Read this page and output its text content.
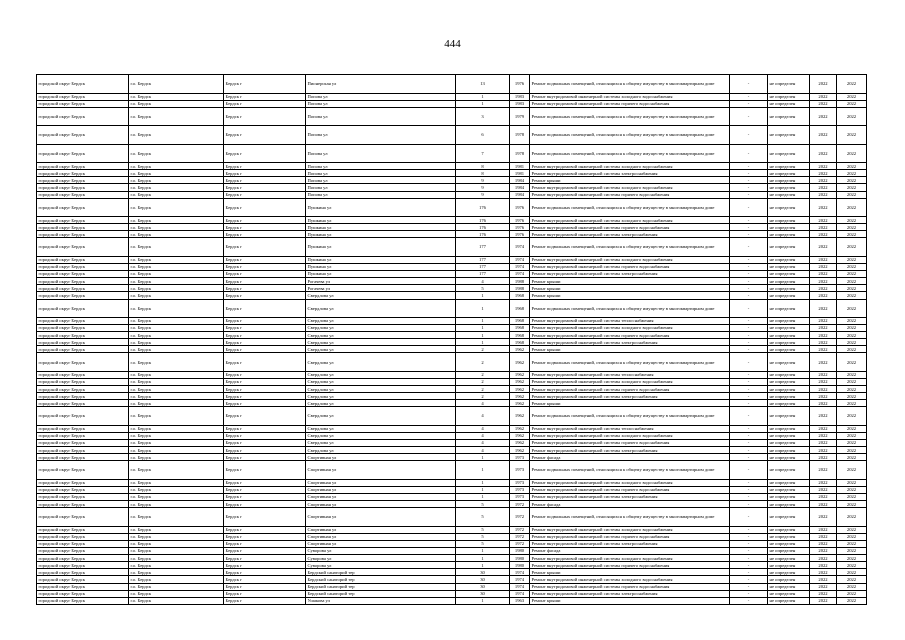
444
городской округ Бердск	г.о. Бердск	Бердск г	Пионерская ул	13	1976	Ремонт подвальных помещений, относящихся к общему имуществу в многоквартирном доме	-	не определен	2022	2022
городской округ Бердск	г.о. Бердск	Бердск г	Попова ул	1	1983	Ремонт внутридомовой инженерной системы холодного водоснабжения	-	не определен	2022	2022
городской округ Бердск	г.о. Бердск	Бердск г	Попова ул	1	1983	Ремонт внутридомовой инженерной системы горячего водоснабжения	-	не определен	2022	2022
городской округ Бердск	г.о. Бердск	Бердск г	Попова ул	3	1979	Ремонт подвальных помещений, относящихся к общему имуществу в многоквартирном доме	-	не определен	2022	2022
городской округ Бердск	г.о. Бердск	Бердск г	Попова ул	6	1978	Ремонт подвальных помещений, относящихся к общему имуществу в многоквартирном доме	-	не определен	2022	2022
городской округ Бердск	г.о. Бердск	Бердск г	Попова ул	7	1978	Ремонт подвальных помещений, относящихся к общему имуществу в многоквартирном доме	-	не определен	2022	2022
городской округ Бердск	г.о. Бердск	Бердск г	Попова ул	8	1981	Ремонт внутридомовой инженерной системы холодного водоснабжения	-	не определен	2022	2022
городской округ Бердск	г.о. Бердск	Бердск г	Попова ул	8	1981	Ремонт внутридомовой инженерной системы электроснабжения	-	не определен	2022	2022
городской округ Бердск	г.о. Бердск	Бердск г	Попова ул	9	1984	Ремонт крыши	-	не определен	2022	2022
городской округ Бердск	г.о. Бердск	Бердск г	Попова ул	9	1984	Ремонт внутридомовой инженерной системы холодного водоснабжения	-	не определен	2022	2022
городской округ Бердск	г.о. Бердск	Бердск г	Попова ул	9	1984	Ремонт внутридомовой инженерной системы горячего водоснабжения	-	не определен	2022	2022
городской округ Бердск	г.о. Бердск	Бердск г	Пушкина ул	176	1976	Ремонт подвальных помещений, относящихся к общему имуществу в многоквартирном доме	-	не определен	2022	2022
городской округ Бердск	г.о. Бердск	Бердск г	Пушкина ул	176	1976	Ремонт внутридомовой инженерной системы холодного водоснабжения	-	не определен	2022	2022
городской округ Бердск	г.о. Бердск	Бердск г	Пушкина ул	176	1976	Ремонт внутридомовой инженерной системы горячего водоснабжения	-	не определен	2022	2022
городской округ Бердск	г.о. Бердск	Бердск г	Пушкина ул	176	1976	Ремонт внутридомовой инженерной системы электроснабжения	-	не определен	2022	2022
городской округ Бердск	г.о. Бердск	Бердск г	Пушкина ул	177	1974	Ремонт подвальных помещений, относящихся к общему имуществу в многоквартирном доме	-	не определен	2022	2022
городской округ Бердск	г.о. Бердск	Бердск г	Пушкина ул	177	1974	Ремонт внутридомовой инженерной системы холодного водоснабжения	-	не определен	2022	2022
городской округ Бердск	г.о. Бердск	Бердск г	Пушкина ул	177	1974	Ремонт внутридомовой инженерной системы горячего водоснабжения	-	не определен	2022	2022
городской округ Бердск	г.о. Бердск	Бердск г	Пушкина ул	177	1974	Ремонт внутридомовой инженерной системы электроснабжения	-	не определен	2022	2022
городской округ Бердск	г.о. Бердск	Бердск г	Рогачева ул	4	1988	Ремонт крыши	-	не определен	2022	2022
городской округ Бердск	г.о. Бердск	Бердск г	Рогачева ул	5	1988	Ремонт крыши	-	не определен	2022	2022
городской округ Бердск	г.о. Бердск	Бердск г	Свердлова ул	1	1968	Ремонт крыши	-	не определен	2022	2022
городской округ Бердск	г.о. Бердск	Бердск г	Свердлова ул	1	1968	Ремонт подвальных помещений, относящихся к общему имуществу в многоквартирном доме	-	не определен	2022	2022
городской округ Бердск	г.о. Бердск	Бердск г	Свердлова ул	1	1968	Ремонт внутридомовой инженерной системы теплоснабжения	-	не определен	2022	2022
городской округ Бердск	г.о. Бердск	Бердск г	Свердлова ул	1	1968	Ремонт внутридомовой инженерной системы холодного водоснабжения	-	не определен	2022	2022
городской округ Бердск	г.о. Бердск	Бердск г	Свердлова ул	1	1968	Ремонт внутридомовой инженерной системы горячего водоснабжения	-	не определен	2022	2022
городской округ Бердск	г.о. Бердск	Бердск г	Свердлова ул	1	1968	Ремонт внутридомовой инженерной системы электроснабжения	-	не определен	2022	2022
городской округ Бердск	г.о. Бердск	Бердск г	Свердлова ул	2	1962	Ремонт крыши	-	не определен	2022	2022
городской округ Бердск	г.о. Бердск	Бердск г	Свердлова ул	2	1962	Ремонт подвальных помещений, относящихся к общему имуществу в многоквартирном доме	-	не определен	2022	2022
городской округ Бердск	г.о. Бердск	Бердск г	Свердлова ул	2	1962	Ремонт внутридомовой инженерной системы теплоснабжения	-	не определен	2022	2022
городской округ Бердск	г.о. Бердск	Бердск г	Свердлова ул	2	1962	Ремонт внутридомовой инженерной системы холодного водоснабжения	-	не определен	2022	2022
городской округ Бердск	г.о. Бердск	Бердск г	Свердлова ул	2	1962	Ремонт внутридомовой инженерной системы горячего водоснабжения	-	не определен	2022	2022
городской округ Бердск	г.о. Бердск	Бердск г	Свердлова ул	2	1962	Ремонт внутридомовой инженерной системы электроснабжения	-	не определен	2022	2022
городской округ Бердск	г.о. Бердск	Бердск г	Свердлова ул	4	1962	Ремонт крыши	-	не определен	2022	2022
городской округ Бердск	г.о. Бердск	Бердск г	Свердлова ул	4	1962	Ремонт подвальных помещений, относящихся к общему имуществу в многоквартирном доме	-	не определен	2022	2022
городской округ Бердск	г.о. Бердск	Бердск г	Свердлова ул	4	1962	Ремонт внутридомовой инженерной системы теплоснабжения	-	не определен	2022	2022
городской округ Бердск	г.о. Бердск	Бердск г	Свердлова ул	4	1962	Ремонт внутридомовой инженерной системы холодного водоснабжения	-	не определен	2022	2022
городской округ Бердск	г.о. Бердск	Бердск г	Свердлова ул	4	1962	Ремонт внутридомовой инженерной системы горячего водоснабжения	-	не определен	2022	2022
городской округ Бердск	г.о. Бердск	Бердск г	Свердлова ул	4	1962	Ремонт внутридомовой инженерной системы электроснабжения	-	не определен	2022	2022
городской округ Бердск	г.о. Бердск	Бердск г	Спортивная ул	1	1973	Ремонт фасада	-	не определен	2022	2022
городской округ Бердск	г.о. Бердск	Бердск г	Спортивная ул	1	1973	Ремонт подвальных помещений, относящихся к общему имуществу в многоквартирном доме	-	не определен	2022	2022
городской округ Бердск	г.о. Бердск	Бердск г	Спортивная ул	1	1973	Ремонт внутридомовой инженерной системы холодного водоснабжения	-	не определен	2022	2022
городской округ Бердск	г.о. Бердск	Бердск г	Спортивная ул	1	1973	Ремонт внутридомовой инженерной системы горячего водоснабжения	-	не определен	2022	2022
городской округ Бердск	г.о. Бердск	Бердск г	Спортивная ул	1	1973	Ремонт внутридомовой инженерной системы электроснабжения	-	не определен	2022	2022
городской округ Бердск	г.о. Бердск	Бердск г	Спортивная ул	5	1972	Ремонт фасада	-	не определен	2022	2022
городской округ Бердск	г.о. Бердск	Бердск г	Спортивная ул	5	1972	Ремонт подвальных помещений, относящихся к общему имуществу в многоквартирном доме	-	не определен	2022	2022
городской округ Бердск	г.о. Бердск	Бердск г	Спортивная ул	5	1972	Ремонт внутридомовой инженерной системы холодного водоснабжения	-	не определен	2022	2022
городской округ Бердск	г.о. Бердск	Бердск г	Спортивная ул	5	1972	Ремонт внутридомовой инженерной системы горячего водоснабжения	-	не определен	2022	2022
городской округ Бердск	г.о. Бердск	Бердск г	Спортивная ул	5	1972	Ремонт внутридомовой инженерной системы электроснабжения	-	не определен	2022	2022
городской округ Бердск	г.о. Бердск	Бердск г	Суворова ул	1	1980	Ремонт фасада	-	не определен	2022	2022
городской округ Бердск	г.о. Бердск	Бердск г	Суворова ул	1	1980	Ремонт внутридомовой инженерной системы холодного водоснабжения	-	не определен	2022	2022
городской округ Бердск	г.о. Бердск	Бердск г	Суворова ул	1	1980	Ремонт внутридомовой инженерной системы горячего водоснабжения	-	не определен	2022	2022
городской округ Бердск	г.о. Бердск	Бердск г	Бердский санаторий тер	30	1974	Ремонт крыши	-	не определен	2022	2022
городской округ Бердск	г.о. Бердск	Бердск г	Бердский санаторий тер	30	1974	Ремонт внутридомовой инженерной системы холодного водоснабжения	-	не определен	2022	2022
городской округ Бердск	г.о. Бердск	Бердск г	Бердский санаторий тер	30	1974	Ремонт внутридомовой инженерной системы горячего водоснабжения	-	не определен	2022	2022
городской округ Бердск	г.о. Бердск	Бердск г	Бердский санаторий тер	30	1974	Ремонт внутридомовой инженерной системы электроснабжения	-	не определен	2022	2022
городской округ Бердск	г.о. Бердск	Бердск г	Ушакова ул	1	1963	Ремонт крыши	-	не определен	2022	2022
